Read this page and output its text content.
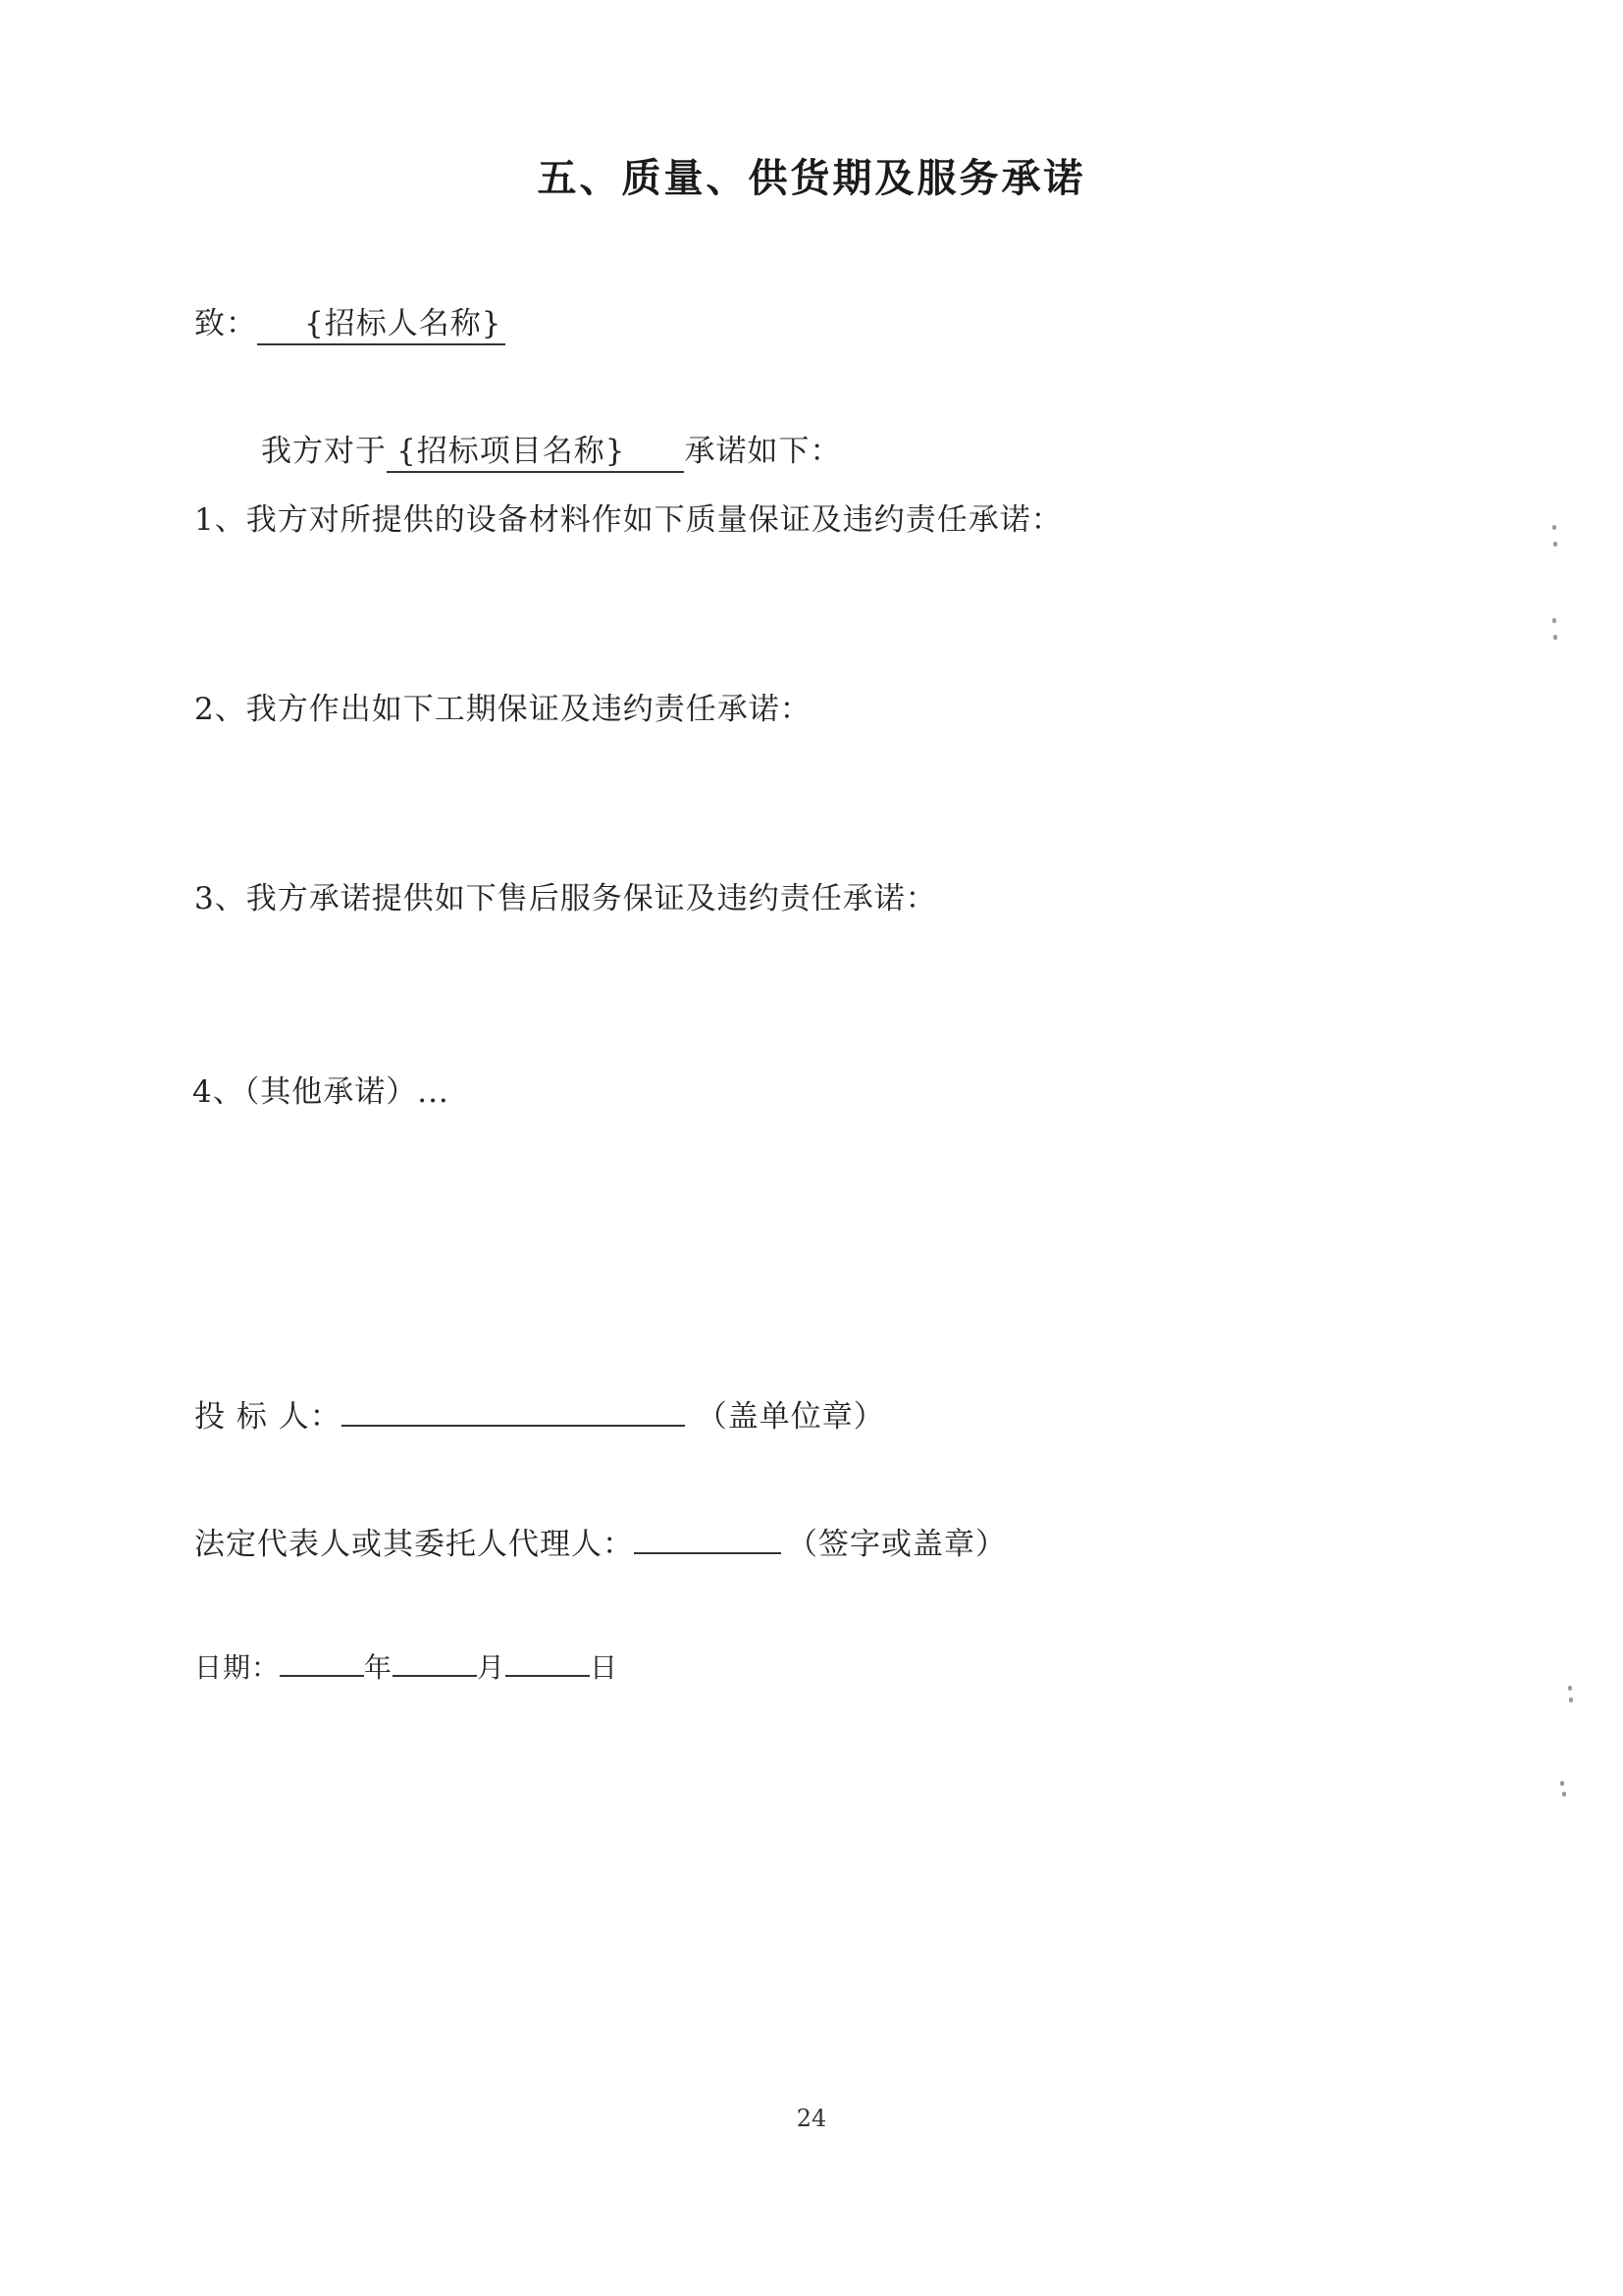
五、质量、供货期及服务承诺
致： {招标人名称}
我方对于 {招标项目名称} 承诺如下：
1、我方对所提供的设备材料作如下质量保证及违约责任承诺：
2、我方作出如下工期保证及违约责任承诺：
3、我方承诺提供如下售后服务保证及违约责任承诺：
4、（其他承诺）...
投 标 人：	（盖单位章）
法定代表人或其委托人代理人：	（签字或盖章）
日期：	年	月	日
24
